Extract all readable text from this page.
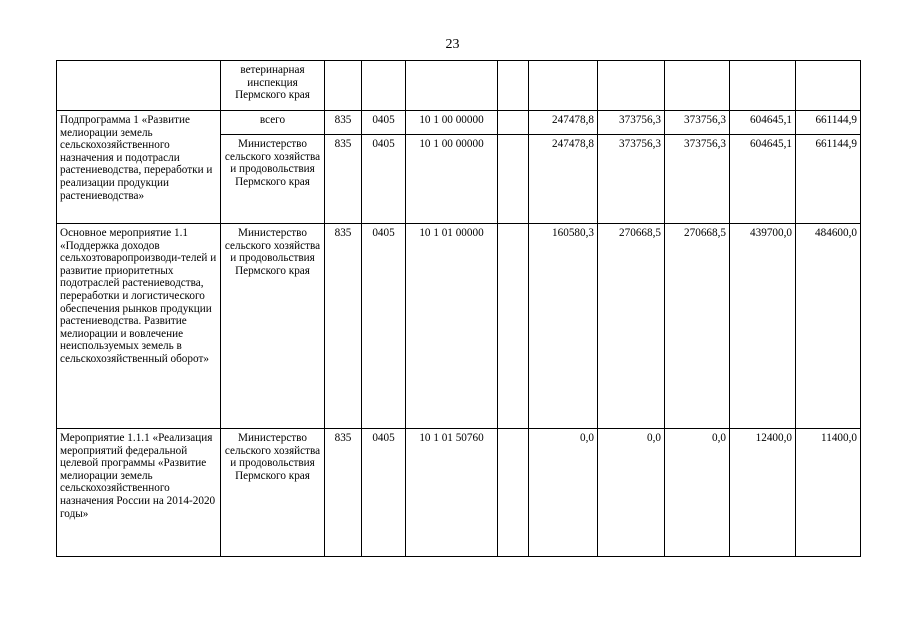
23
	ветеринарная инспекция Пермского края									
Подпрограмма 1 «Развитие мелиорации земель сельскохозяйственного назначения и подотрасли растениеводства, переработки и реализации продукции растениеводства»	всего	835	0405	10 1 00 00000		247478,8	373756,3	373756,3	604645,1	661144,9
	Министерство сельского хозяйства и продовольствия Пермского края	835	0405	10 1 00 00000		247478,8	373756,3	373756,3	604645,1	661144,9
Основное мероприятие 1.1 «Поддержка доходов сельхозтоваропроизводи-телей и развитие приоритетных подотраслей растениеводства, переработки и логистического обеспечения рынков продукции растениеводства. Развитие мелиорации и вовлечение неиспользуемых земель в сельскохозяйственный оборот»	Министерство сельского хозяйства и продовольствия Пермского края	835	0405	10 1 01 00000		160580,3	270668,5	270668,5	439700,0	484600,0
Мероприятие 1.1.1 «Реализация мероприятий федеральной целевой программы «Развитие мелиорации земель сельскохозяйственного назначения России на 2014-2020 годы»	Министерство сельского хозяйства и продовольствия Пермского края	835	0405	10 1 01 50760		0,0	0,0	0,0	12400,0	11400,0
